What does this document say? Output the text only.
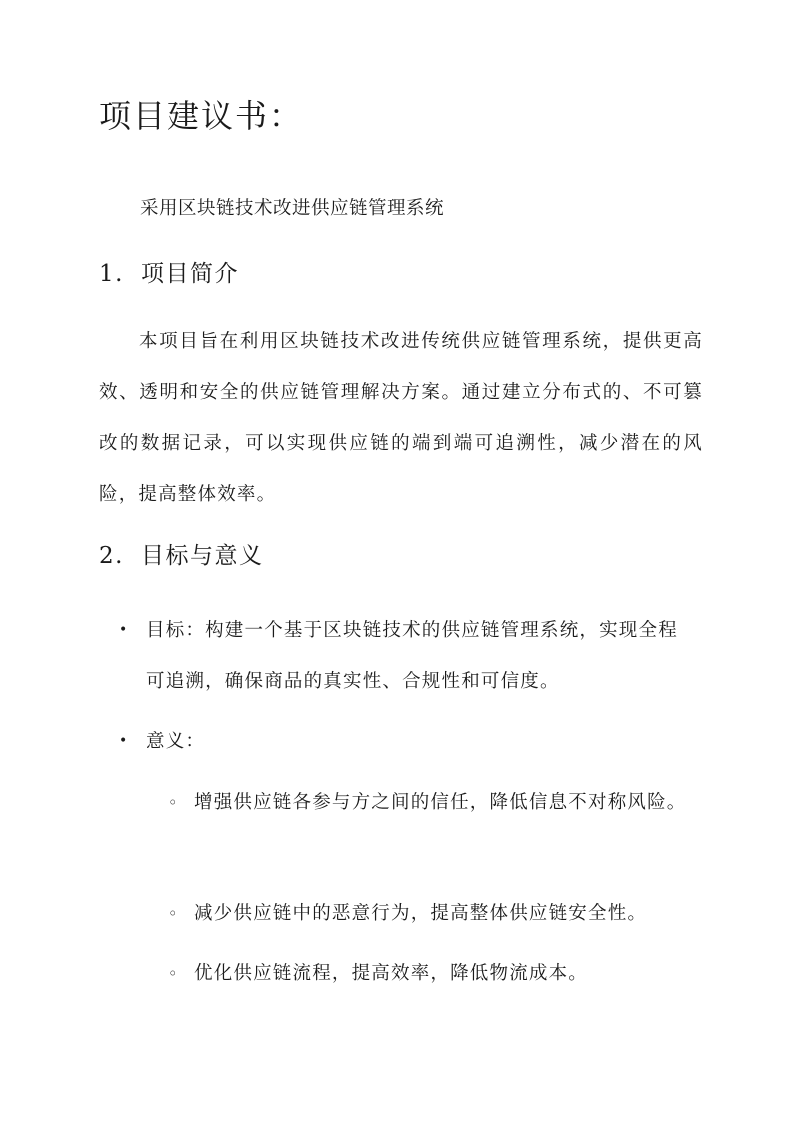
项目建议书：

采用区块链技术改进供应链管理系统

1. 项目简介

本项目旨在利用区块链技术改进传统供应链管理系统，提供更高效、透明和安全的供应链管理解决方案。通过建立分布式的、不可篡改的数据记录，可以实现供应链的端到端可追溯性，减少潜在的风险，提高整体效率。

2. 目标与意义
• 目标：构建一个基于区块链技术的供应链管理系统，实现全程可追溯，确保商品的真实性、合规性和可信度。
• 意义：
◦ 增强供应链各参与方之间的信任，降低信息不对称风险。
◦ 减少供应链中的恶意行为，提高整体供应链安全性。
◦ 优化供应链流程，提高效率，降低物流成本。
